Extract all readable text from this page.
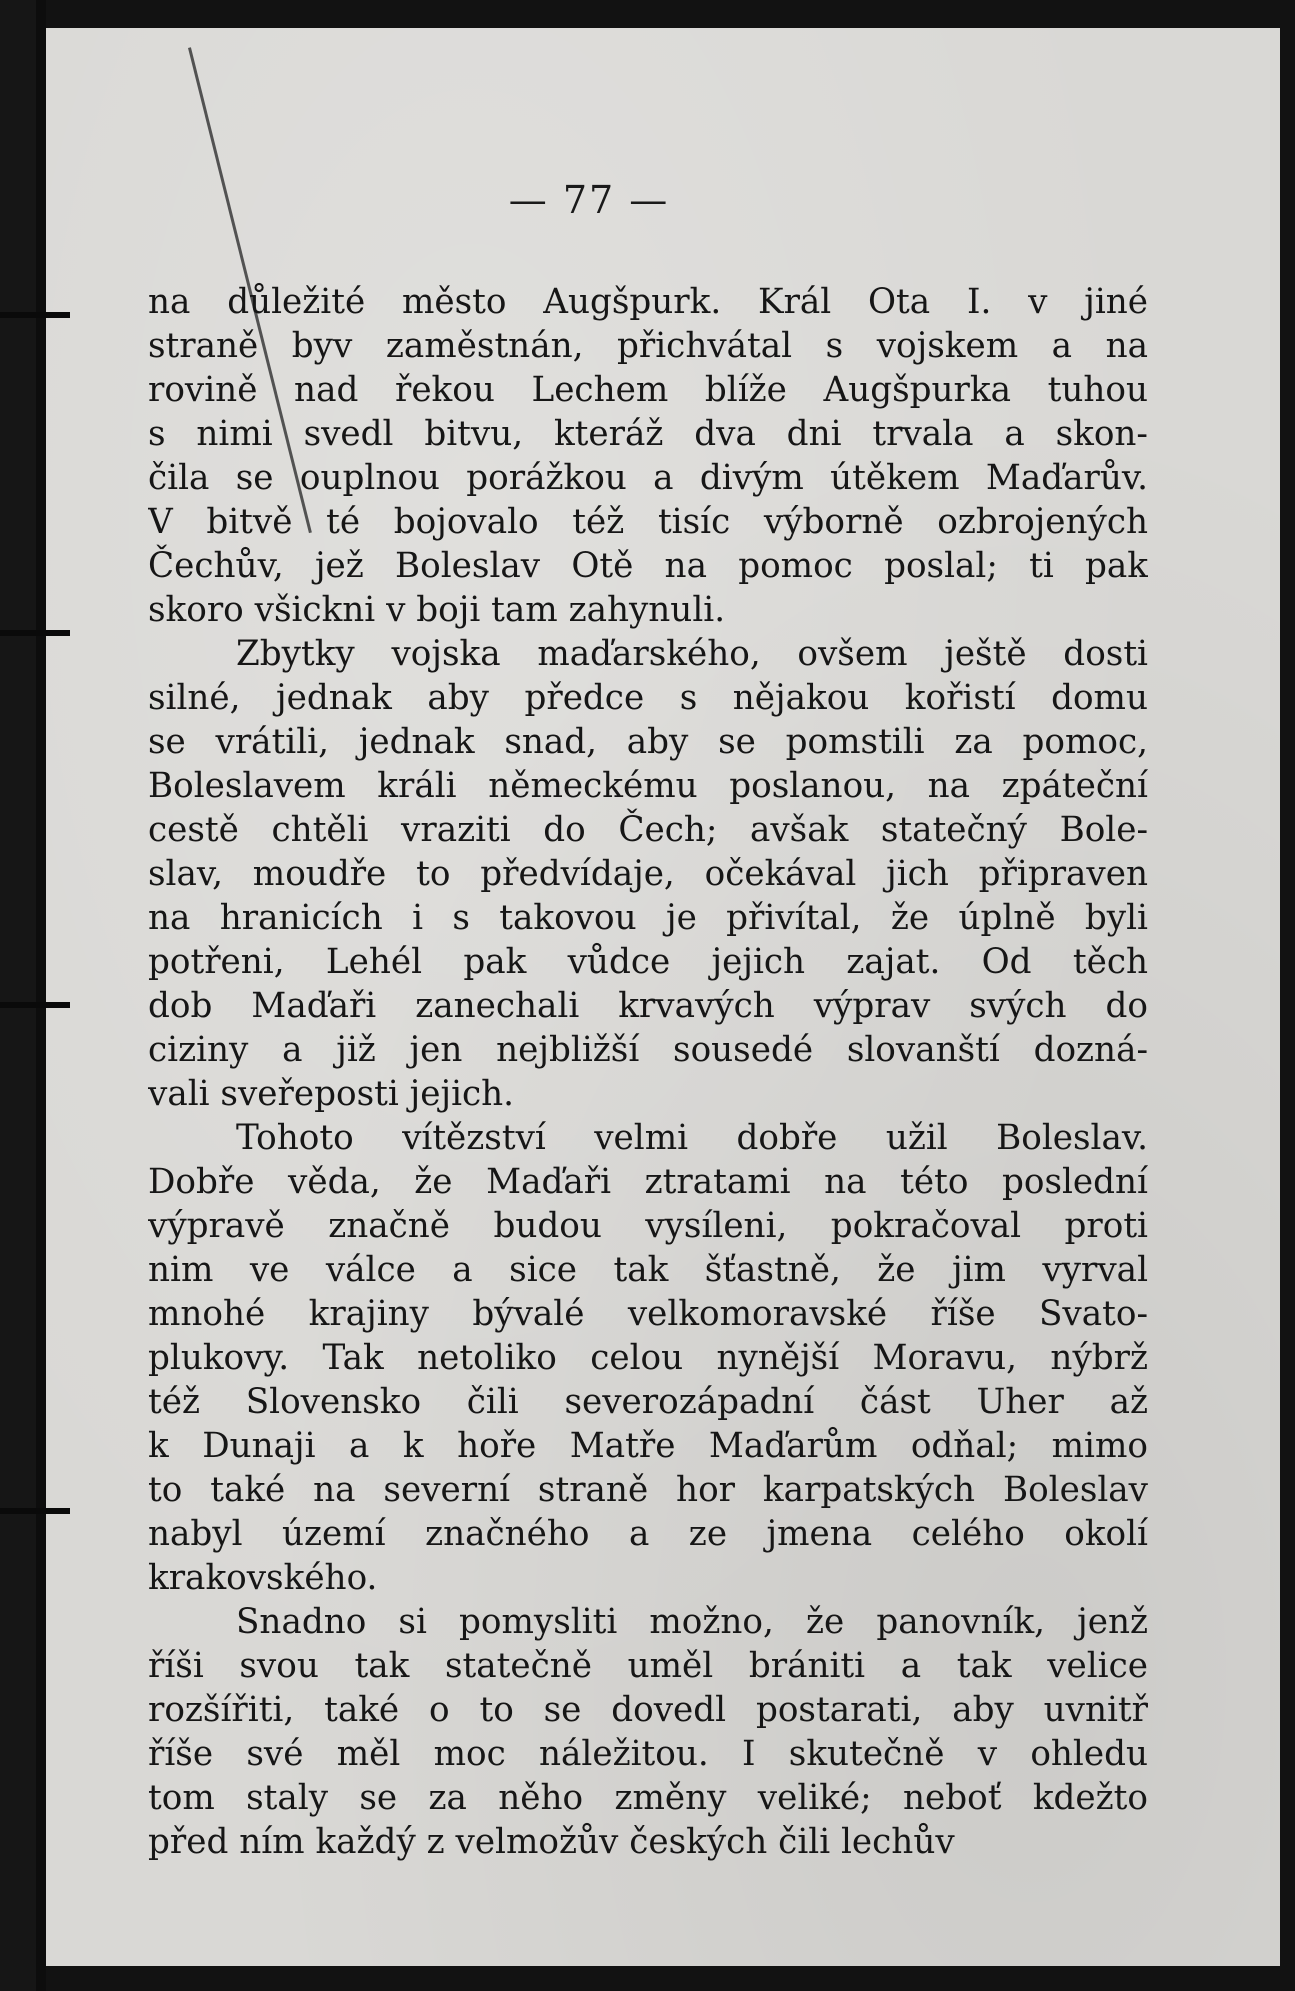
— 77 —
na důležité město Augšpurk. Král Ota I. v jiné
straně byv zaměstnán, přichvátal s vojskem a na
rovině nad řekou Lechem blíže Augšpurka tuhou
s nimi svedl bitvu, kteráž dva dni trvala a skon-
čila se ouplnou porážkou a divým útěkem Maďarův.
V bitvě té bojovalo též tisíc výborně ozbrojených
Čechův, jež Boleslav Otě na pomoc poslal; ti pak
skoro všickni v boji tam zahynuli.
Zbytky vojska maďarského, ovšem ještě dosti
silné, jednak aby předce s nějakou kořistí domu
se vrátili, jednak snad, aby se pomstili za pomoc,
Boleslavem králi německému poslanou, na zpáteční
cestě chtěli vraziti do Čech; avšak statečný Bole-
slav, moudře to předvídaje, očekával jich připraven
na hranicích i s takovou je přivítal, že úplně byli
potřeni, Lehél pak vůdce jejich zajat. Od těch
dob Maďaři zanechali krvavých výprav svých do
ciziny a již jen nejbližší sousedé slovanští dozná-
vali sveřeposti jejich.
Tohoto vítězství velmi dobře užil Boleslav.
Dobře věda, že Maďaři ztratami na této poslední
výpravě značně budou vysíleni, pokračoval proti
nim ve válce a sice tak šťastně, že jim vyrval
mnohé krajiny bývalé velkomoravské říše Svato-
plukovy. Tak netoliko celou nynější Moravu, nýbrž
též Slovensko čili severozápadní část Uher až
k Dunaji a k hoře Matře Maďarům odňal; mimo
to také na severní straně hor karpatských Boleslav
nabyl území značného a ze jmena celého okolí
krakovského.
Snadno si pomysliti možno, že panovník, jenž
říši svou tak statečně uměl brániti a tak velice
rozšířiti, také o to se dovedl postarati, aby uvnitř
říše své měl moc náležitou. I skutečně v ohledu
tom staly se za něho změny veliké; neboť kdežto
před ním každý z velmožův českých čili lechův
